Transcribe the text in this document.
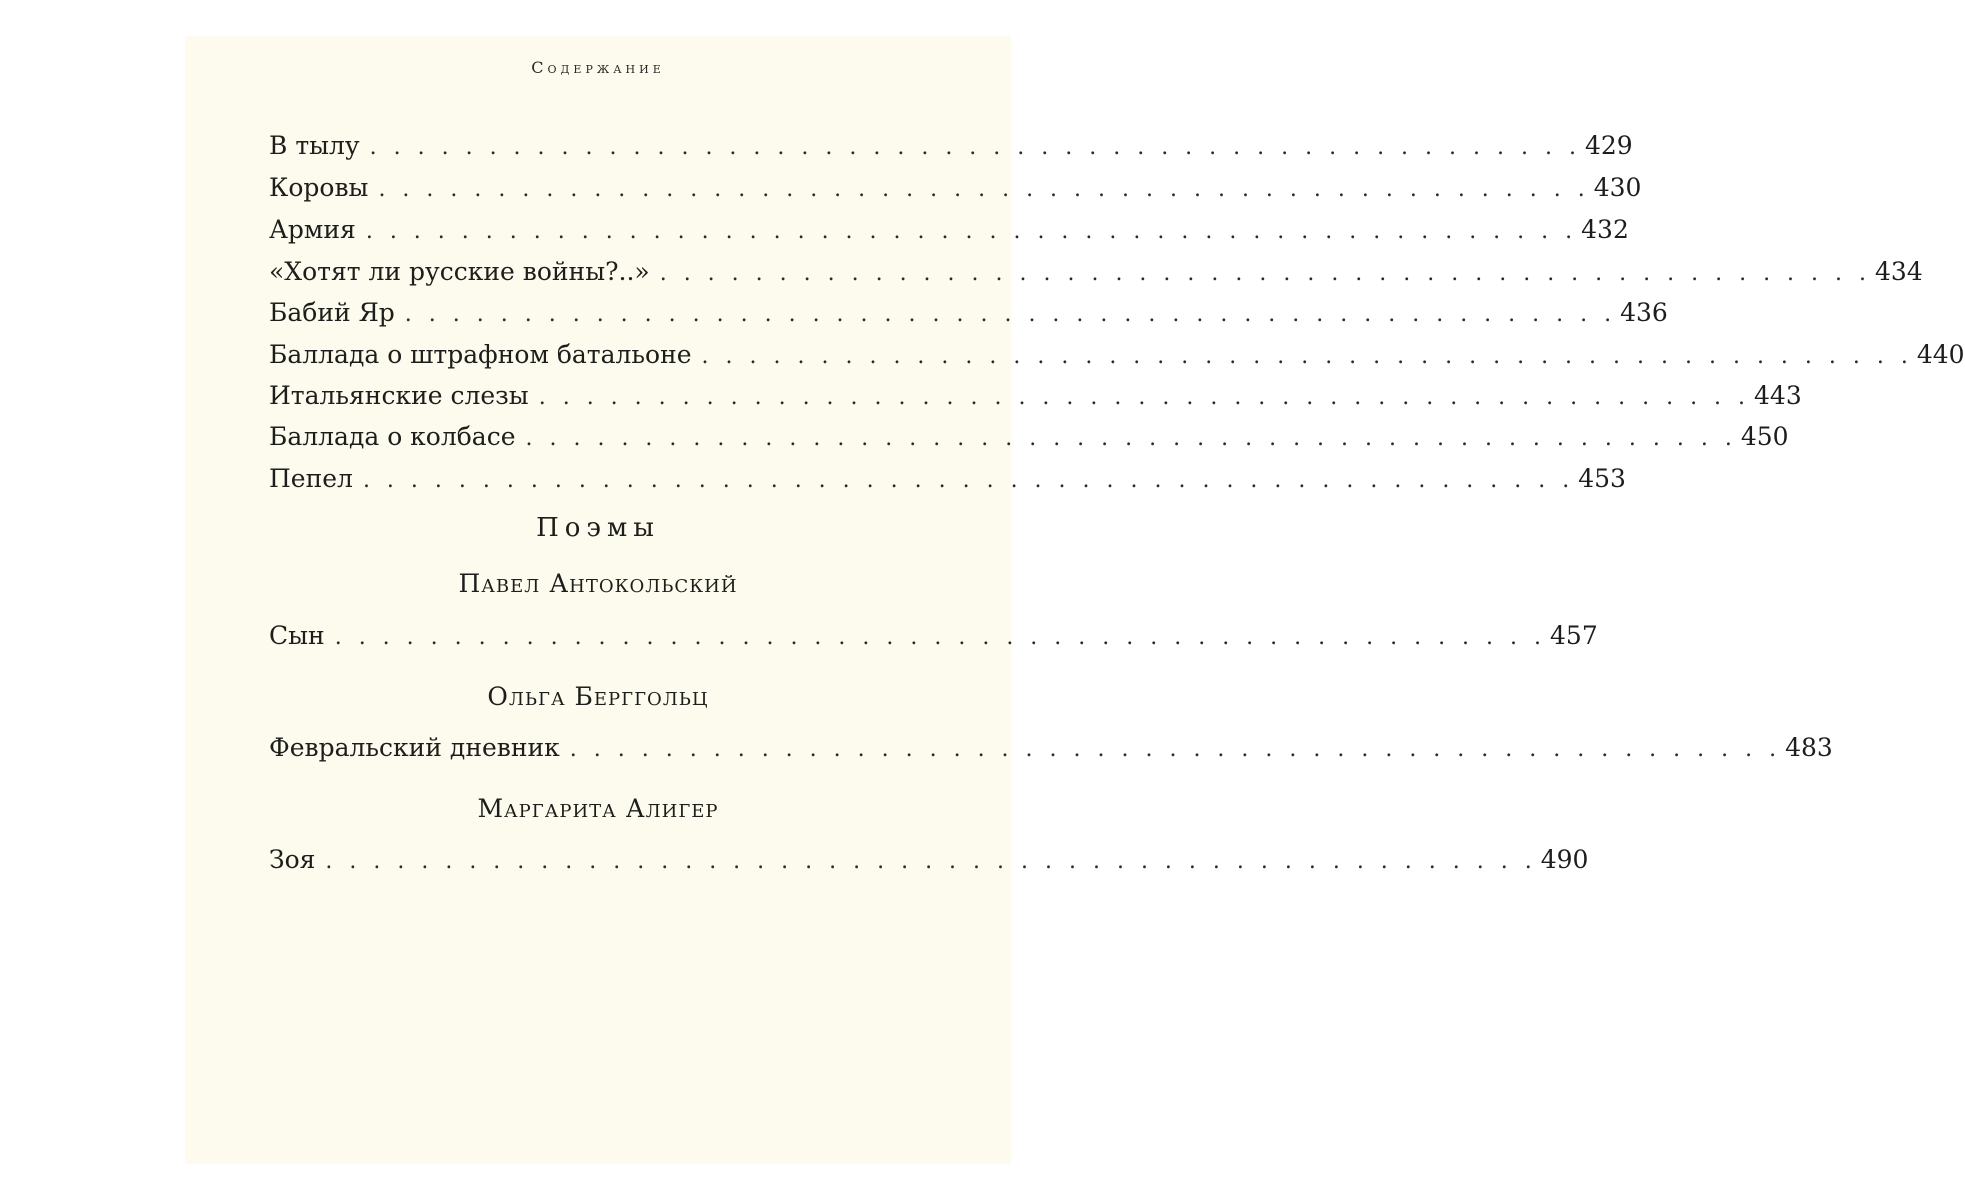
Содержание
В тылу . . . . . . . . . . . . . . . . . . . . . . . . . . . . . . . . . . . . . . . . . . . . . . . . . . . 429
Коровы . . . . . . . . . . . . . . . . . . . . . . . . . . . . . . . . . . . . . . . . . . . . . . . . . . . 430
Армия . . . . . . . . . . . . . . . . . . . . . . . . . . . . . . . . . . . . . . . . . . . . . . . . . . . 432
«Хотят ли русские войны?..» . . . . . . . . . . . . . . . . . . . . . . . . . . . . . . . . . . . . . . . . . . . . . . . . . . . 434
Бабий Яр . . . . . . . . . . . . . . . . . . . . . . . . . . . . . . . . . . . . . . . . . . . . . . . . . . . 436
Баллада о штрафном батальоне . . . . . . . . . . . . . . . . . . . . . . . . . . . . . . . . . . . . . . . . . . . . . . . . . . . 440
Итальянские слезы . . . . . . . . . . . . . . . . . . . . . . . . . . . . . . . . . . . . . . . . . . . . . . . . . . . 443
Баллада о колбасе . . . . . . . . . . . . . . . . . . . . . . . . . . . . . . . . . . . . . . . . . . . . . . . . . . . 450
Пепел . . . . . . . . . . . . . . . . . . . . . . . . . . . . . . . . . . . . . . . . . . . . . . . . . . . 453
Поэмы
Павел Антокольский
Сын . . . . . . . . . . . . . . . . . . . . . . . . . . . . . . . . . . . . . . . . . . . . . . . . . . . 457
Ольга Берггольц
Февральский дневник . . . . . . . . . . . . . . . . . . . . . . . . . . . . . . . . . . . . . . . . . . . . . . . . . . . 483
Маргарита Алигер
Зоя . . . . . . . . . . . . . . . . . . . . . . . . . . . . . . . . . . . . . . . . . . . . . . . . . . . 490
